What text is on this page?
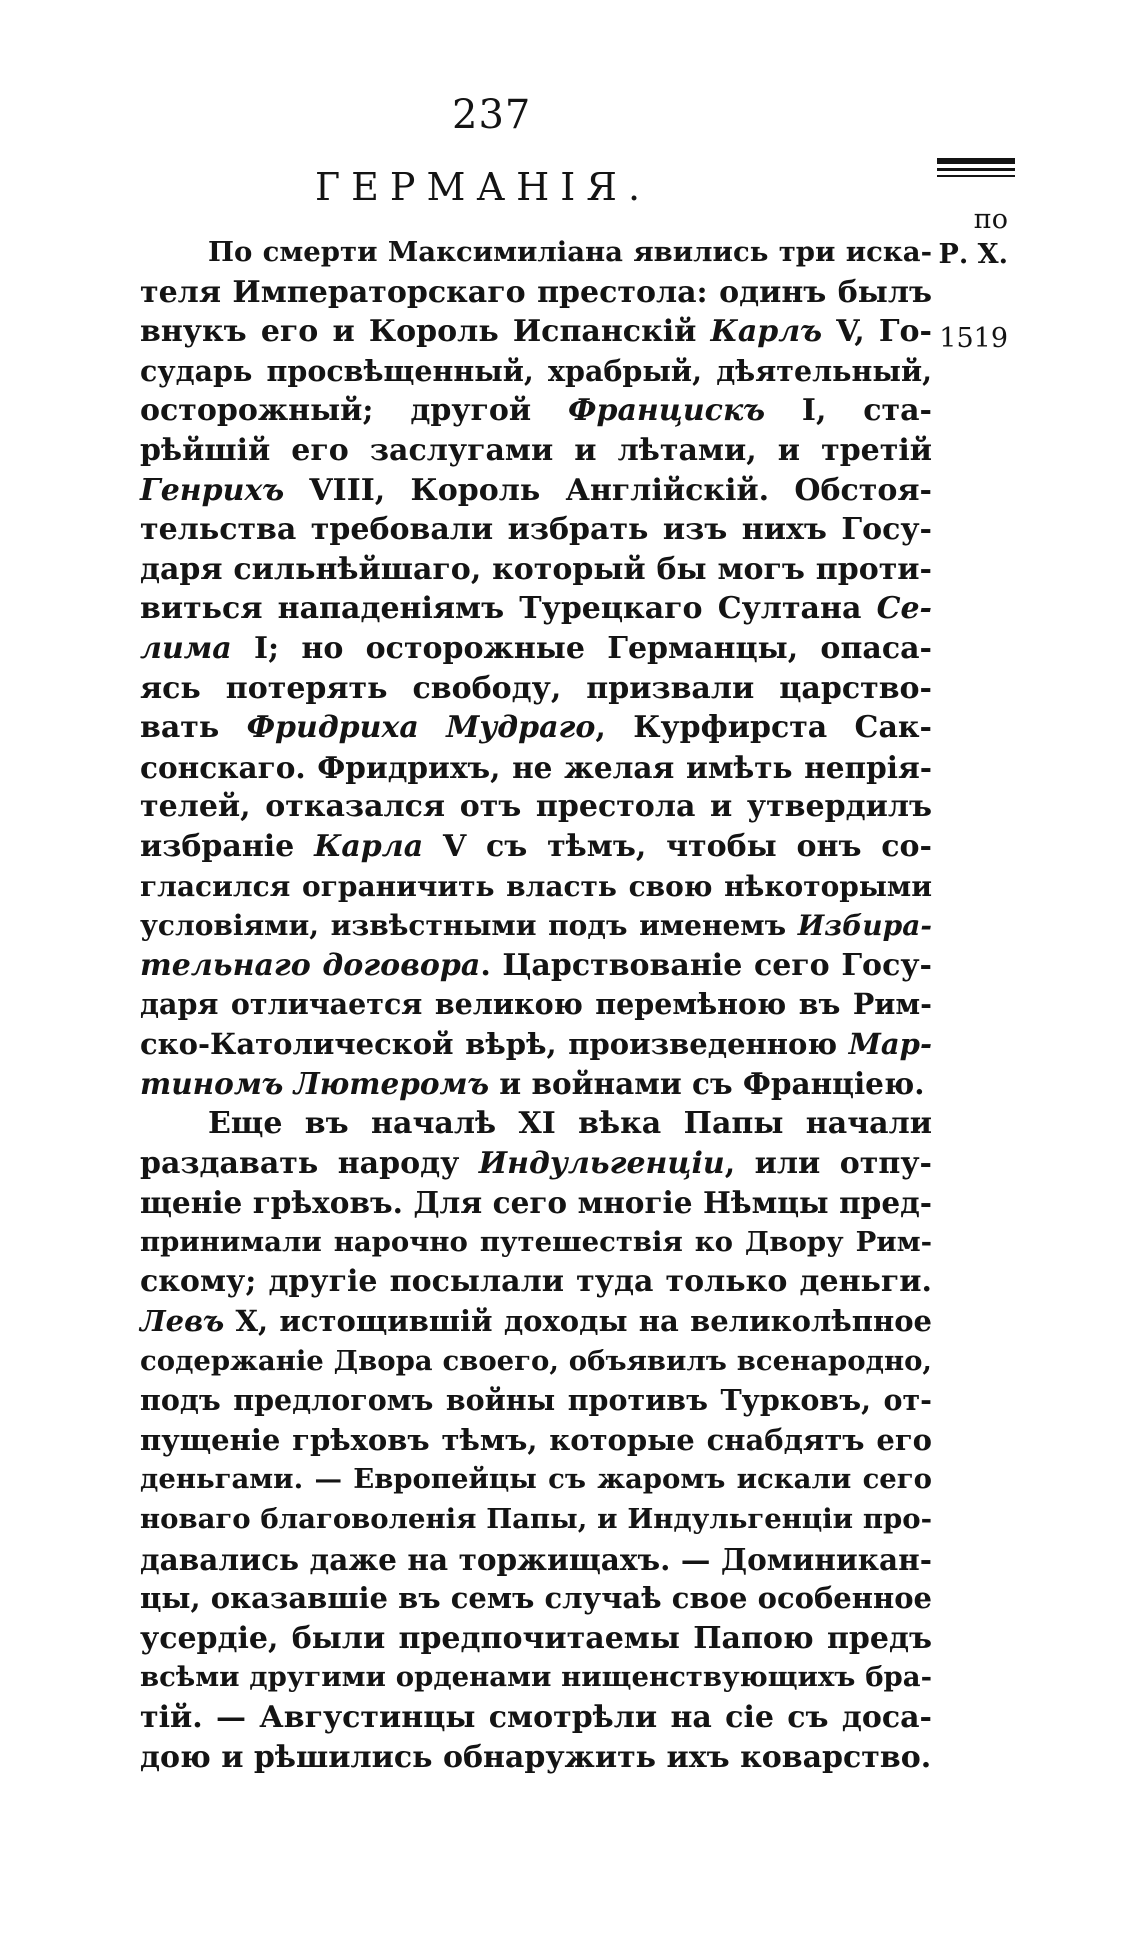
237
ГЕРМАНІЯ.
по
Р. Х.
1519
По смерти Максимиліана явились три иска-
теля Императорскаго престола: одинъ былъ
внукъ его и Король Испанскій Карлъ V, Го-
сударь просвѣщенный, храбрый, дѣятельный,
осторожный; другой Францискъ I, ста-
рѣйшій его заслугами и лѣтами, и третій
Генрихъ VIII, Король Англійскій. Обстоя-
тельства требовали избрать изъ нихъ Госу-
даря сильнѣйшаго, который бы могъ проти-
виться нападеніямъ Турецкаго Султана Се-
лима I; но осторожные Германцы, опаса-
ясь потерять свободу, призвали царство-
вать Фридриха Мудраго, Курфирста Сак-
сонскаго. Фридрихъ, не желая имѣть непрія-
телей, отказался отъ престола и утвердилъ
избраніе Карла V съ тѣмъ, чтобы онъ со-
гласился ограничить власть свою нѣкоторыми
условіями, извѣстными подъ именемъ Избира-
тельнаго договора. Царствованіе сего Госу-
даря отличается великою перемѣною въ Рим-
ско-Католической вѣрѣ, произведенною Мар-
тиномъ Лютеромъ и войнами съ Франціею.
Еще въ началѣ XI вѣка Папы начали
раздавать народу Индульгенціи, или отпу-
щеніе грѣховъ. Для сего многіе Нѣмцы пред-
принимали нарочно путешествія ко Двору Рим-
скому; другіе посылали туда только деньги.
Левъ X, истощившій доходы на великолѣпное
содержаніе Двора своего, объявилъ всенародно,
подъ предлогомъ войны противъ Турковъ, от-
пущеніе грѣховъ тѣмъ, которые снабдятъ его
деньгами. — Европейцы съ жаромъ искали сего
новаго благоволенія Папы, и Индульгенціи про-
давались даже на торжищахъ. — Доминикан-
цы, оказавшіе въ семъ случаѣ свое особенное
усердіе, были предпочитаемы Папою предъ
всѣми другими орденами нищенствующихъ бра-
тій. — Августинцы смотрѣли на сіе съ доса-
дою и рѣшились обнаружить ихъ коварство.
